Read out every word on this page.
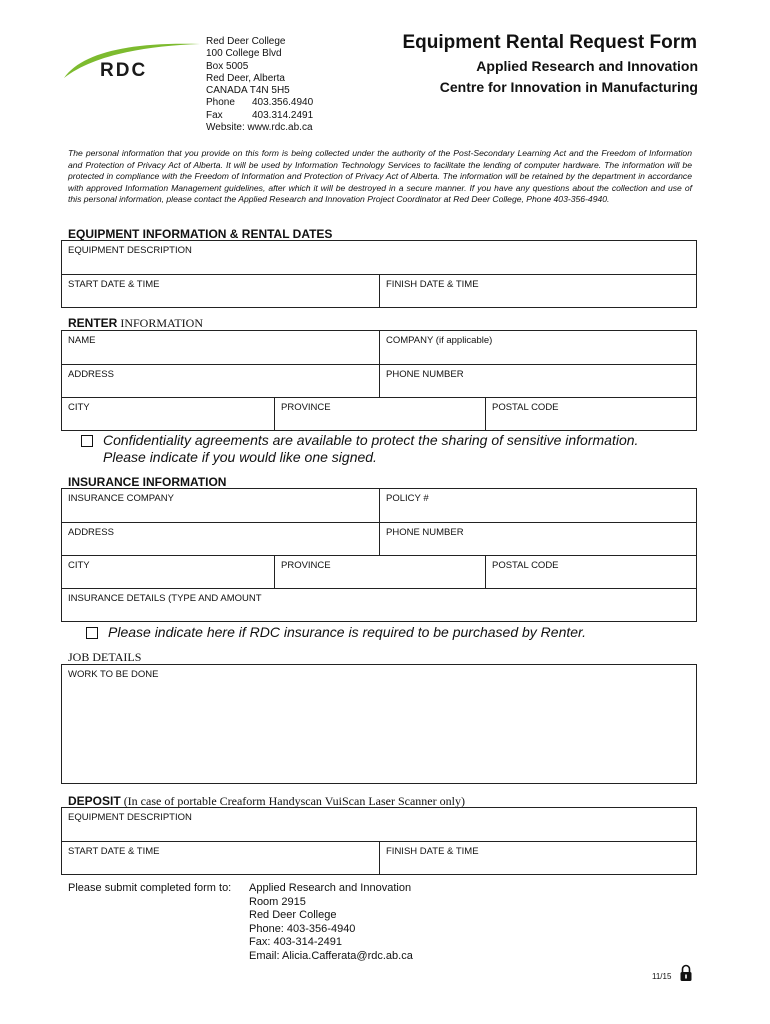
RDC
Red Deer College
100 College Blvd
Box 5005
Red Deer, Alberta
CANADA T4N 5H5
Phone 403.356.4940
Fax	403.314.2491
Website: www.rdc.ab.ca
Equipment Rental Request Form
Applied Research and Innovation
Centre for Innovation in Manufacturing
The personal information that you provide on this form is being collected under the authority of the Post-Secondary Learning Act and the Freedom of Information and Protection of Privacy Act of Alberta. It will be used by Information Technology Services to facilitate the lending of computer hardware. The information will be protected in compliance with the Freedom of Information and Protection of Privacy Act of Alberta. The information will be retained by the department in accordance with approved Information Management guidelines, after which it will be destroyed in a secure manner. If you have any questions about the collection and use of this personal information, please contact the Applied Research and Innovation Project Coordinator at Red Deer College, Phone 403-356-4940.
EQUIPMENT INFORMATION & RENTAL DATES
EQUIPMENT DESCRIPTION
START DATE & TIME	FINISH DATE & TIME
RENTER INFORMATION
NAME	COMPANY (if applicable)
ADDRESS	PHONE NUMBER
CITY	PROVINCE	POSTAL CODE
Confidentiality agreements are available to protect the sharing of sensitive information.
Please indicate if you would like one signed.
INSURANCE INFORMATION
INSURANCE COMPANY	POLICY #
ADDRESS	PHONE NUMBER
CITY	PROVINCE	POSTAL CODE
INSURANCE DETAILS (TYPE AND AMOUNT
Please indicate here if RDC insurance is required to be purchased by Renter.
JOB DETAILS
WORK TO BE DONE
DEPOSIT (In case of portable Creaform Handyscan VuiScan Laser Scanner only)
EQUIPMENT DESCRIPTION
START DATE & TIME	FINISH DATE & TIME
Please submit completed form to: Applied Research and Innovation
Room 2915
Red Deer College
Phone: 403-356-4940
Fax: 403-314-2491
Email: Alicia.Cafferata@rdc.ab.ca
11/15
